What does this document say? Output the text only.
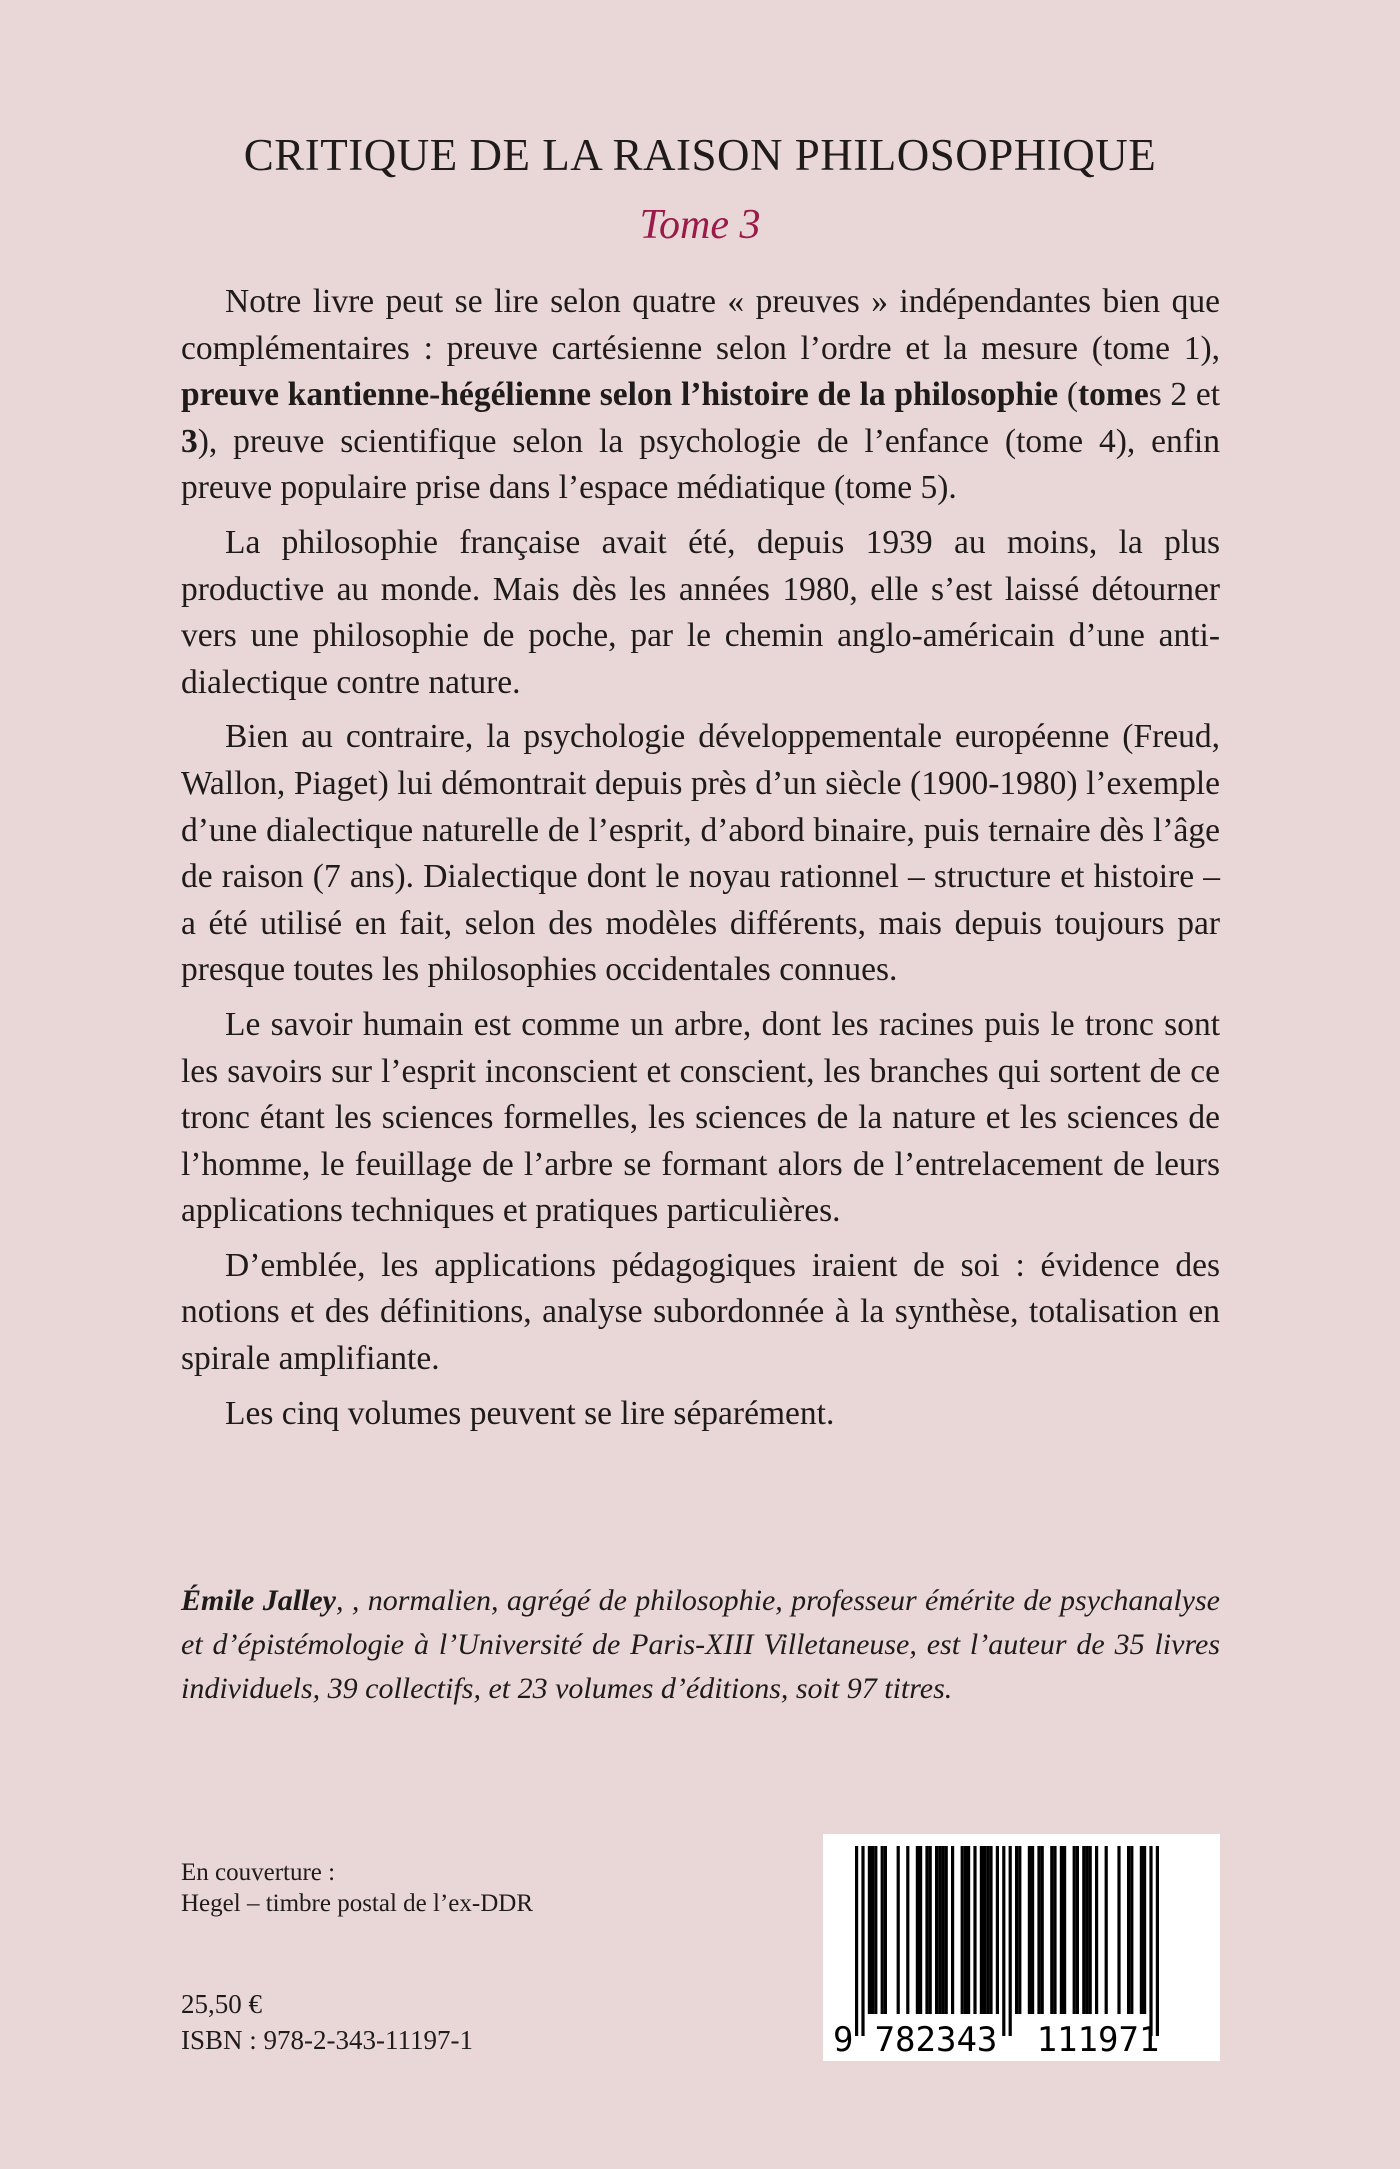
CRITIQUE DE LA RAISON PHILOSOPHIQUE
Tome 3

Notre livre peut se lire selon quatre « preuves » indépendantes bien que complémentaires : preuve cartésienne selon l’ordre et la mesure (tome 1), preuve kantienne-hégélienne selon l’histoire de la philosophie (tomes 2 et 3), preuve scientifique selon la psychologie de l’enfance (tome 4), enfin preuve populaire prise dans l’espace médiatique (tome 5).

La philosophie française avait été, depuis 1939 au moins, la plus productive au monde. Mais dès les années 1980, elle s’est laissé détourner vers une philosophie de poche, par le chemin anglo-américain d’une anti-dialectique contre nature.

Bien au contraire, la psychologie développementale européenne (Freud, Wallon, Piaget) lui démontrait depuis près d’un siècle (1900-1980) l’exemple d’une dialectique naturelle de l’esprit, d’abord binaire, puis ternaire dès l’âge de raison (7 ans). Dialectique dont le noyau rationnel – structure et histoire – a été utilisé en fait, selon des modèles différents, mais depuis toujours par presque toutes les philosophies occidentales connues.

Le savoir humain est comme un arbre, dont les racines puis le tronc sont les savoirs sur l’esprit inconscient et conscient, les branches qui sortent de ce tronc étant les sciences formelles, les sciences de la nature et les sciences de l’homme, le feuillage de l’arbre se formant alors de l’entrelacement de leurs applications techniques et pratiques particulières.

D’emblée, les applications pédagogiques iraient de soi : évidence des notions et des définitions, analyse subordonnée à la synthèse, totalisation en spirale amplifiante.

Les cinq volumes peuvent se lire séparément.

Émile Jalley, , normalien, agrégé de philosophie, professeur émérite de psychanalyse et d’épistémologie à l’Université de Paris-XIII Villetaneuse, est l’auteur de 35 livres individuels, 39 collectifs, et 23 volumes d’éditions, soit 97 titres.
En couverture :
Hegel – timbre postal de l’ex-DDR
25,50 €
ISBN : 978-2-343-11197-1	9 782343 111971
